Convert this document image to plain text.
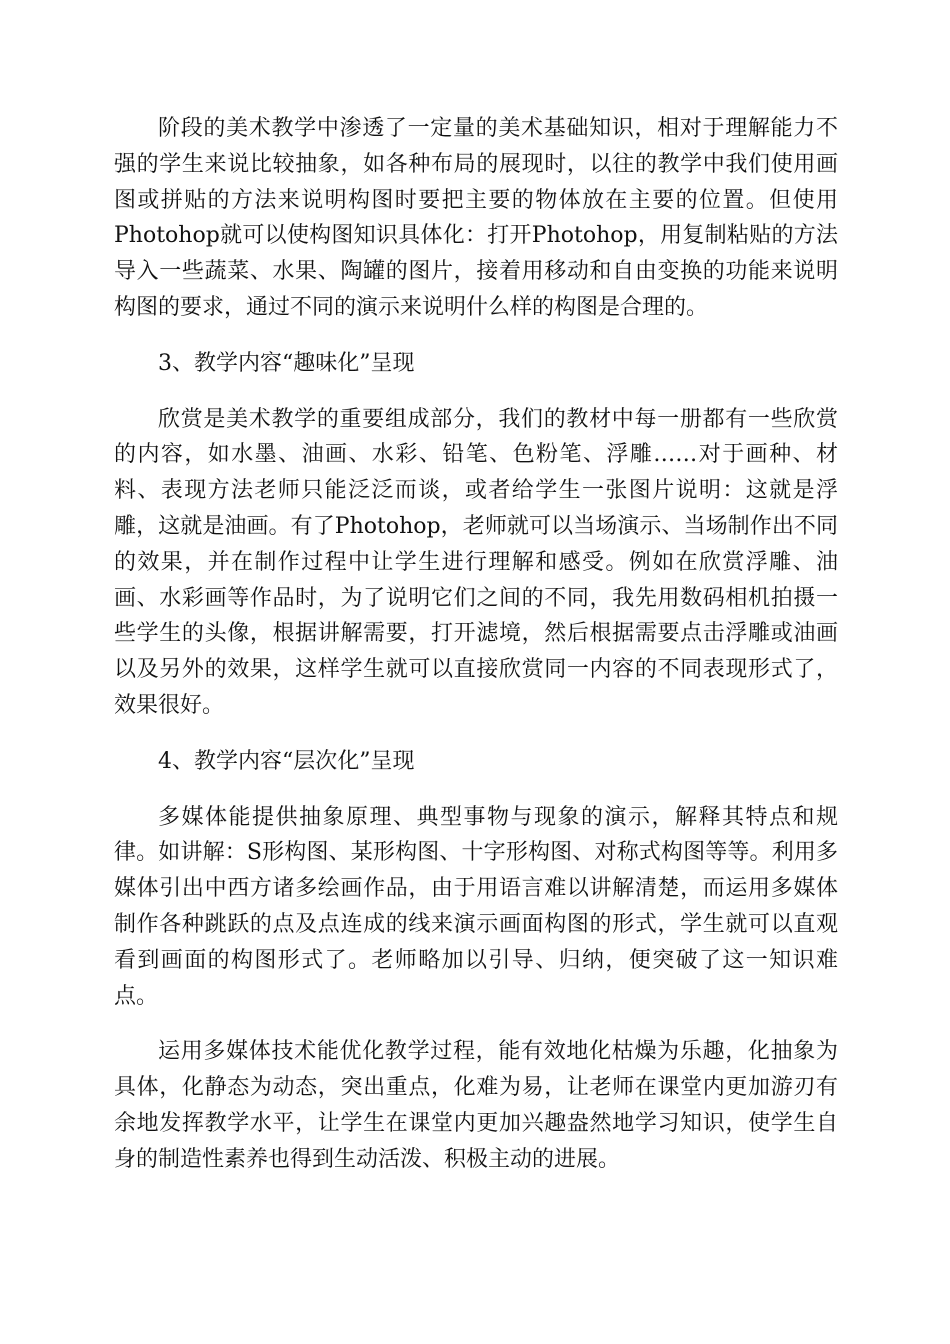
阶段的美术教学中渗透了一定量的美术基础知识，相对于理解能力不强的学生来说比较抽象，如各种布局的展现时，以往的教学中我们使用画图或拼贴的方法来说明构图时要把主要的物体放在主要的位置。但使用Photohop就可以使构图知识具体化：打开Photohop，用复制粘贴的方法导入一些蔬菜、水果、陶罐的图片，接着用移动和自由变换的功能来说明构图的要求，通过不同的演示来说明什么样的构图是合理的。

3、教学内容“趣味化”呈现

欣赏是美术教学的重要组成部分，我们的教材中每一册都有一些欣赏的内容，如水墨、油画、水彩、铅笔、色粉笔、浮雕……对于画种、材料、表现方法老师只能泛泛而谈，或者给学生一张图片说明：这就是浮雕，这就是油画。有了Photohop，老师就可以当场演示、当场制作出不同的效果，并在制作过程中让学生进行理解和感受。例如在欣赏浮雕、油画、水彩画等作品时，为了说明它们之间的不同，我先用数码相机拍摄一些学生的头像，根据讲解需要，打开滤境，然后根据需要点击浮雕或油画以及另外的效果，这样学生就可以直接欣赏同一内容的不同表现形式了，效果很好。

4、教学内容“层次化”呈现

多媒体能提供抽象原理、典型事物与现象的演示，解释其特点和规律。如讲解：S形构图、某形构图、十字形构图、对称式构图等等。利用多媒体引出中西方诸多绘画作品，由于用语言难以讲解清楚，而运用多媒体制作各种跳跃的点及点连成的线来演示画面构图的形式，学生就可以直观看到画面的构图形式了。老师略加以引导、归纳，便突破了这一知识难点。

运用多媒体技术能优化教学过程，能有效地化枯燥为乐趣，化抽象为具体，化静态为动态，突出重点，化难为易，让老师在课堂内更加游刃有余地发挥教学水平，让学生在课堂内更加兴趣盎然地学习知识，使学生自身的制造性素养也得到生动活泼、积极主动的进展。
